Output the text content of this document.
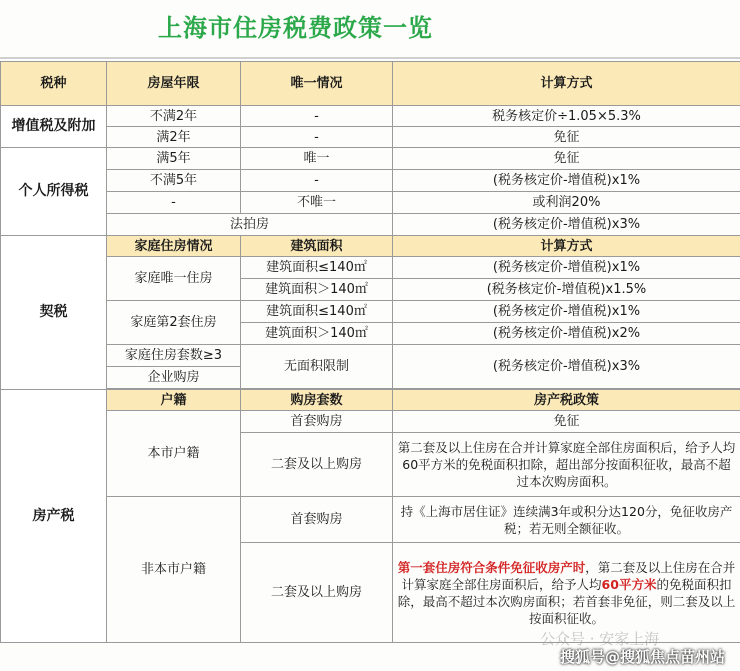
上海市住房税费政策一览
税种	房屋年限	唯一情况	计算方式
增值税及附加	不满2年	-	税务核定价÷1.05×5.3%
	满2年	-	免征
个人所得税	满5年	唯一	免征
	不满5年	-	(税务核定价-增值税)x1%
	-	不唯一	或利润20%
	法拍房		(税务核定价-增值税)x3%
契税	家庭住房情况	建筑面积	计算方式
	家庭唯一住房	建筑面积≤140㎡	(税务核定价-增值税)x1%
		建筑面积＞140㎡	(税务核定价-增值税)x1.5%
	家庭第2套住房	建筑面积≤140㎡	(税务核定价-增值税)x1%
		建筑面积＞140㎡	(税务核定价-增值税)x2%
	家庭住房套数≥3	无面积限制	(税务核定价-增值税)x3%
	企业购房		

房产税	户籍	购房套数	房产税政策
	本市户籍	首套购房	免征
		二套及以上购房	第二套及以上住房在合并计算家庭全部住房面积后，给予人均60平方米的免税面积扣除，超出部分按面积征收，最高不超过本次购房面积。
	非本市户籍	首套购房	持《上海市居住证》连续满3年或积分达120分，免征收房产税；若无则全额征收。
		二套及以上购房	第一套住房符合条件免征收房产时，第二套及以上住房在合并计算家庭全部住房面积后，给予人均60平方米的免税面积扣除，最高不超过本次购房面积；若首套非免征，则二套及以上按面积征收。
公众号 · 安家上海
搜狐号@搜狐焦点苗州站
